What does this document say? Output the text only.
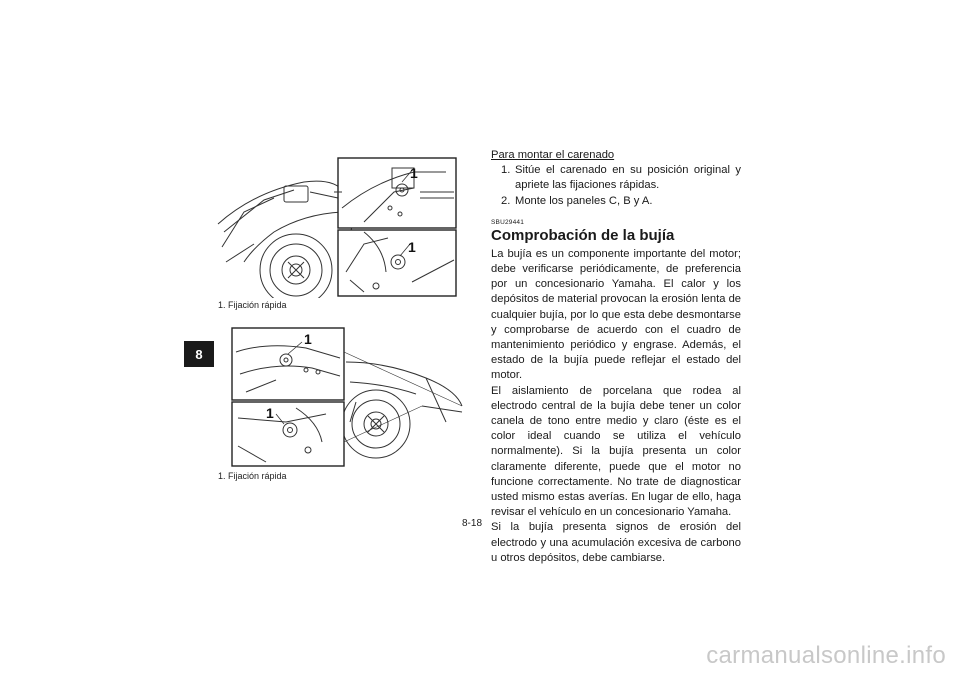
8
1
1
1. Fijación rápida
1
1
1. Fijación rápida

Para montar el carenado

1. Sitúe el carenado en su posición original y apriete las fijaciones rápidas.
2. Monte los paneles C, B y A.
SBU29441
Comprobación de la bujía

La bujía es un componente importante del motor; debe verificarse periódicamente, de preferencia por un concesionario Yamaha. El calor y los depósitos de material provocan la erosión lenta de cualquier bujía, por lo que esta debe desmontarse y comprobarse de acuerdo con el cuadro de mantenimiento periódico y engrase. Además, el estado de la bujía puede reflejar el estado del motor.

El aislamiento de porcelana que rodea al electrodo central de la bujía debe tener un color canela de tono entre medio y claro (éste es el color ideal cuando se utiliza el vehículo normalmente). Si la bujía presenta un color claramente diferente, puede que el motor no funcione correctamente. No trate de diagnosticar usted mismo estas averías. En lugar de ello, haga revisar el vehículo en un concesionario Yamaha.

Si la bujía presenta signos de erosión del electrodo y una acumulación excesiva de carbono u otros depósitos, debe cambiarse.

8-18
carmanualsonline.info
